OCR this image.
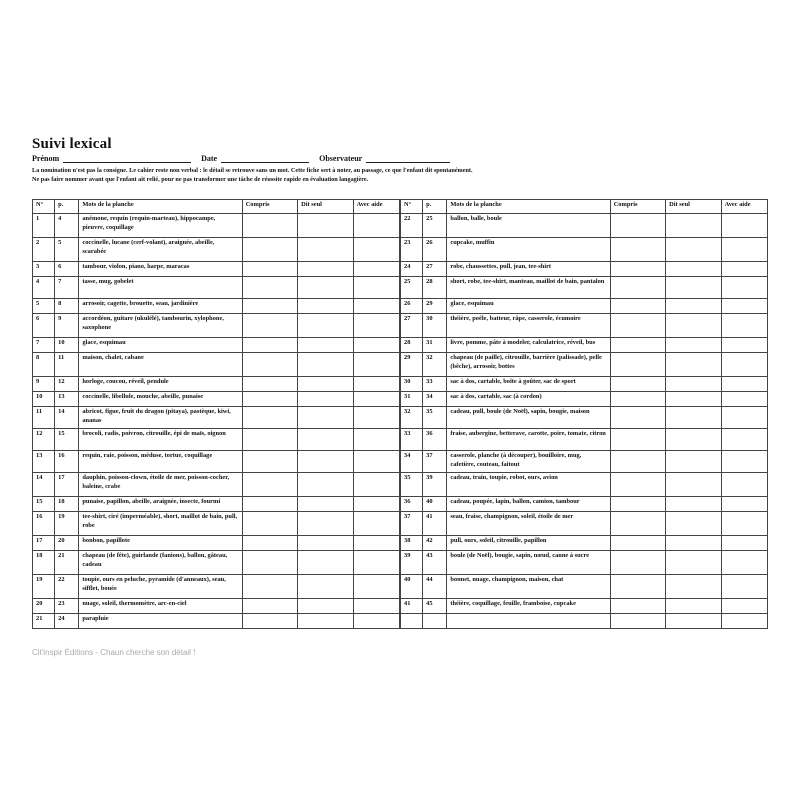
Suivi lexical
Prénom	Date	Observateur
La nomination n'est pas la consigne. Le cahier reste non verbal : le détail se retrouve sans un mot. Cette fiche sert à noter, au passage, ce que l'enfant dit spontanément.
Ne pas faire nommer avant que l'enfant ait relié, pour ne pas transformer une tâche de réussite rapide en évaluation langagière.
N°	p.	Mots de la planche	Compris	Dit seul	Avec aide
1	4	anémone, requin (requin-marteau), hippocampe, pieuvre, coquillage			
2	5	coccinelle, lucane (cerf-volant), araignée, abeille, scarabée			
3	6	tambour, violon, piano, harpe, maracas			
4	7	tasse, mug, gobelet			
5	8	arrosoir, cagette, brouette, seau, jardinière			
6	9	accordéon, guitare (ukulélé), tambourin, xylophone, saxophone			
7	10	glace, esquimau			
8	11	maison, chalet, cabane			
9	12	horloge, coucou, réveil, pendule			
10	13	coccinelle, libellule, mouche, abeille, punaise			
11	14	abricot, figue, fruit du dragon (pitaya), pastèque, kiwi, ananas			
12	15	brocoli, radis, poivron, citrouille, épi de maïs, oignon			
13	16	requin, raie, poisson, méduse, tortue, coquillage			
14	17	dauphin, poisson-clown, étoile de mer, poisson-cocher, baleine, crabe			
15	18	punaise, papillon, abeille, araignée, insecte, fourmi			
16	19	tee-shirt, ciré (imperméable), short, maillot de bain, pull, robe			
17	20	bonbon, papillote			
18	21	chapeau (de fête), guirlande (fanions), ballon, gâteau, cadeau			
19	22	toupie, ours en peluche, pyramide (d'anneaux), seau, sifflet, bouée			
20	23	nuage, soleil, thermomètre, arc-en-ciel			
21	24	parapluie			
N°	p.	Mots de la planche	Compris	Dit seul	Avec aide
22	25	ballon, balle, boule			
23	26	cupcake, muffin			
24	27	robe, chaussettes, pull, jean, tee-shirt			
25	28	short, robe, tee-shirt, manteau, maillot de bain, pantalon			
26	29	glace, esquimau			
27	30	théière, poêle, batteur, râpe, casserole, écumoire			
28	31	livre, pomme, pâte à modeler, calculatrice, réveil, bus			
29	32	chapeau (de paille), citrouille, barrière (palissade), pelle (bêche), arrosoir, bottes			
30	33	sac à dos, cartable, boîte à goûter, sac de sport			
31	34	sac à dos, cartable, sac (à cordon)			
32	35	cadeau, pull, boule (de Noël), sapin, bougie, maison			
33	36	fraise, aubergine, betterave, carotte, poire, tomate, citron			
34	37	casserole, planche (à découper), bouilloire, mug, cafetière, couteau, faitout			
35	39	cadeau, train, toupie, robot, ours, avion			
36	40	cadeau, poupée, lapin, ballon, camion, tambour			
37	41	seau, fraise, champignon, soleil, étoile de mer			
38	42	pull, ours, soleil, citrouille, papillon			
39	43	boule (de Noël), bougie, sapin, nœud, canne à sucre			
40	44	bonnet, nuage, champignon, maison, chat			
41	45	théière, coquillage, feuille, framboise, cupcake			

Cit'inspir Éditions - Chaun cherche son détail !
